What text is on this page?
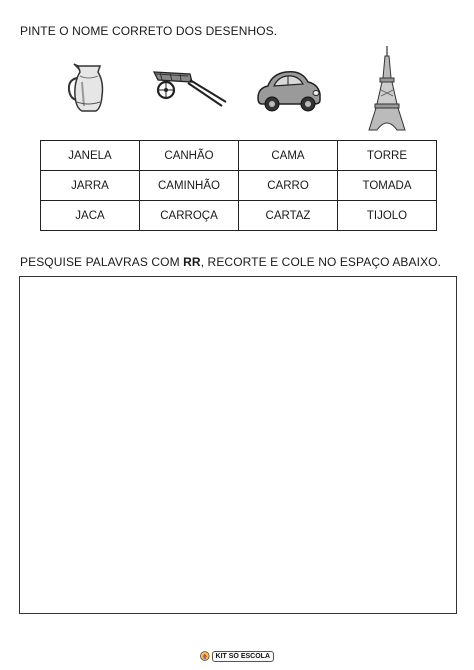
PINTE O NOME CORRETO DOS DESENHOS.
JANELA	CANHÃO	CAMA	TORRE
JARRA	CAMINHÃO	CARRO	TOMADA
JACA	CARROÇA	CARTAZ	TIJOLO
PESQUISE PALAVRAS COM RR, RECORTE E COLE NO ESPAÇO ABAIXO.
KIT SÓ ESCOLA
